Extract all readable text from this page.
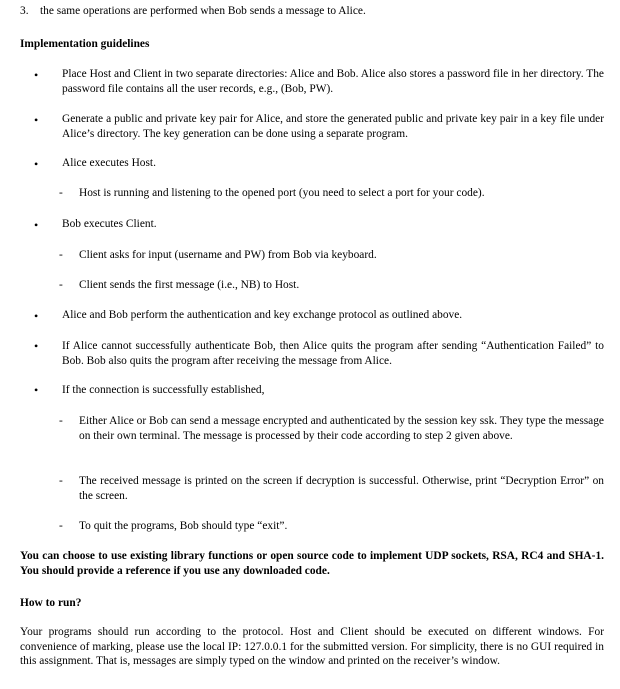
3. the same operations are performed when Bob sends a message to Alice.
Implementation guidelines
• Place Host and Client in two separate directories: Alice and Bob. Alice also stores a password file in her directory. The password file contains all the user records, e.g., (Bob, PW).
• Generate a public and private key pair for Alice, and store the generated public and private key pair in a key file under Alice’s directory. The key generation can be done using a separate program.
• Alice executes Host.
- Host is running and listening to the opened port (you need to select a port for your code).
• Bob executes Client.
- Client asks for input (username and PW) from Bob via keyboard.
- Client sends the first message (i.e., NB) to Host.
• Alice and Bob perform the authentication and key exchange protocol as outlined above.
• If Alice cannot successfully authenticate Bob, then Alice quits the program after sending “Authentication Failed” to Bob. Bob also quits the program after receiving the message from Alice.
• If the connection is successfully established,
- Either Alice or Bob can send a message encrypted and authenticated by the session key ssk. They type the message on their own terminal. The message is processed by their code according to step 2 given above.
- The received message is printed on the screen if decryption is successful. Otherwise, print “Decryption Error” on the screen.
- To quit the programs, Bob should type “exit”.
You can choose to use existing library functions or open source code to implement UDP sockets, RSA, RC4 and SHA-1. You should provide a reference if you use any downloaded code.
How to run?
Your programs should run according to the protocol. Host and Client should be executed on different windows. For convenience of marking, please use the local IP: 127.0.0.1 for the submitted version. For simplicity, there is no GUI required in this assignment. That is, messages are simply typed on the window and printed on the receiver’s window.
